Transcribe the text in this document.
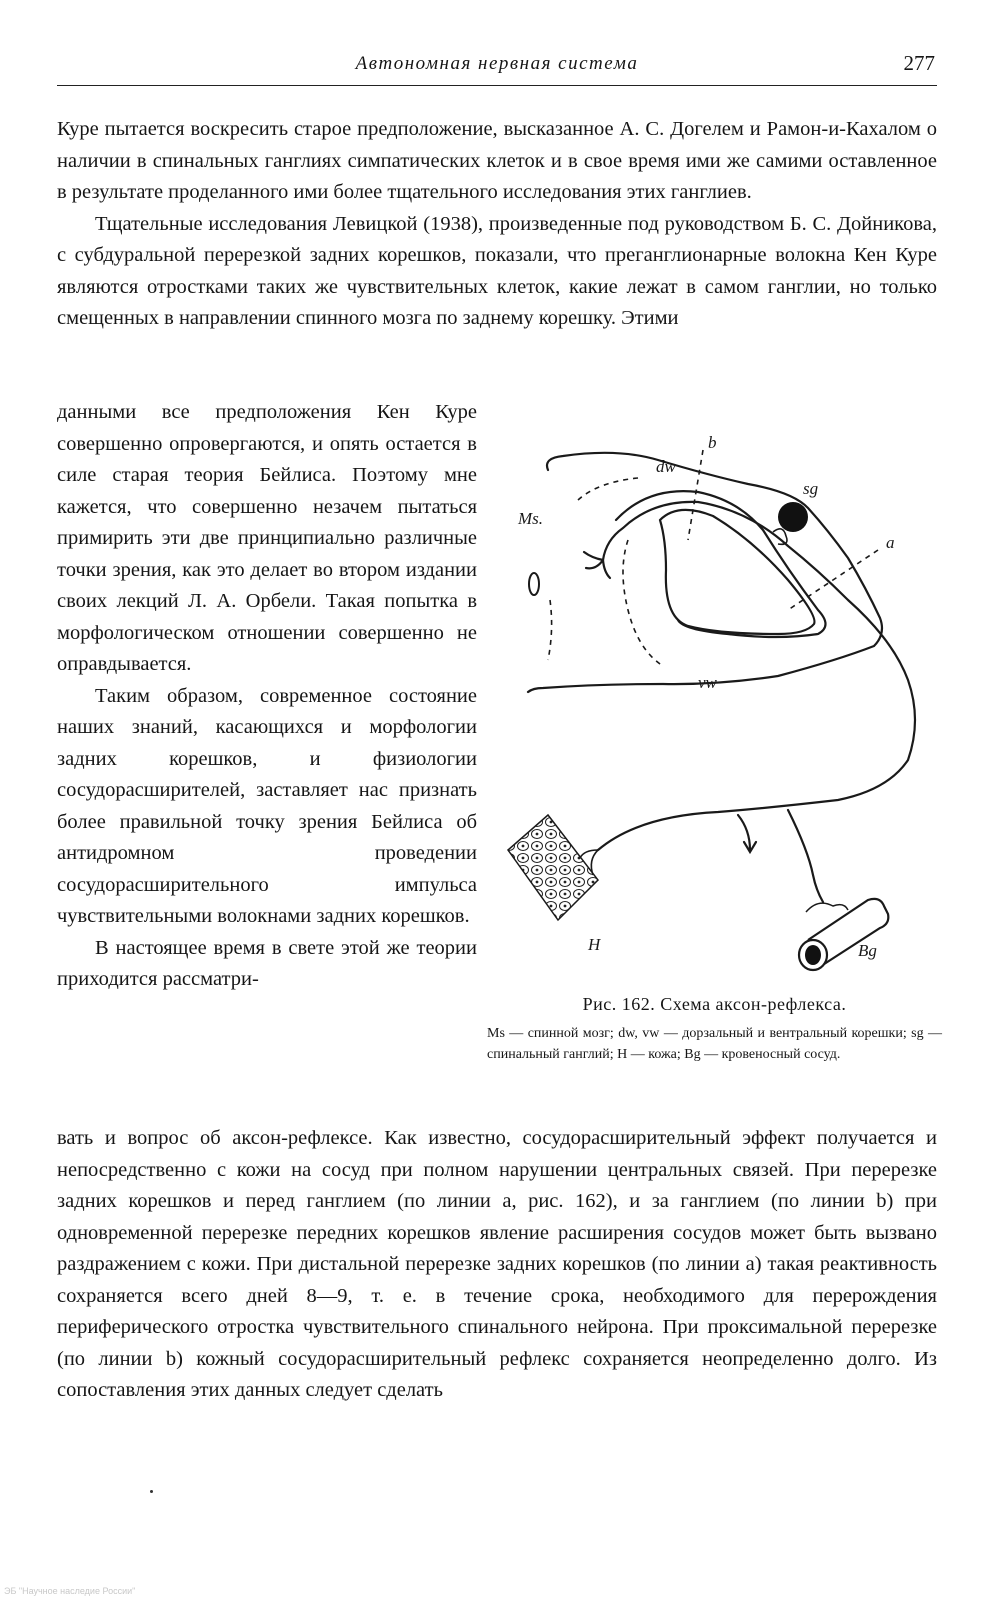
Автономная нервная система	277

Куре пытается воскресить старое предположение, высказанное А. С. Догелем и Рамон-и-Кахалом о наличии в спинальных ганглиях симпатических клеток и в свое время ими же самими оставленное в результате проделанного ими более тщательного исследования этих ганглиев.

Тщательные исследования Левицкой (1938), произведенные под руководством Б. С. Дойникова, с субдуральной перерезкой задних корешков, показали, что преганглионарные волокна Кен Куре являются отростками таких же чувствительных клеток, какие лежат в самом ганглии, но только смещенных в направлении спинного мозга по заднему корешку. Этими

данными все предположения Кен Куре совершенно опровергаются, и опять остается в силе старая теория Бейлиса. Поэтому мне кажется, что совершенно незачем пытаться примирить эти две принципиально различные точки зрения, как это делает во втором издании своих лекций Л. А. Орбели. Такая попытка в морфологическом отношении совершенно не оправдывается.

Таким образом, современное состояние наших знаний, касающихся и морфологии задних корешков, и физиологии сосудорасширителей, заставляет нас признать более правильной точку зрения Бейлиса об антидромном проведении сосудорасширительного импульса чувствительными волокнами задних корешков.

В настоящее время в свете этой же теории приходится рассматри-

вать и вопрос об аксон-рефлексе. Как известно, сосудорасширительный эффект получается и непосредственно с кожи на сосуд при полном нарушении центральных связей. При перерезке задних корешков и перед ганглием (по линии a, рис. 162), и за ганглием (по линии b) при одновременной перерезке передних корешков явление расширения сосудов может быть вызвано раздражением с кожи. При дистальной перерезке задних корешков (по линии a) такая реактивность сохраняется всего дней 8—9, т. е. в течение срока, необходимого для перерождения периферического отростка чувствительного спинального нейрона. При проксимальной перерезке (по линии b) кожный сосудорасширительный рефлекс сохраняется неопределенно долго. Из сопоставления этих данных следует сделать

b
dw
sg
Ms.
a
vw
H	Bg
Рис. 162. Схема аксон-рефлекса.
Ms — спинной мозг; dw, vw — дорзальный и вентральный корешки; sg — спинальный ганглий; H — кожа; Bg — кровеносный сосуд.
ЭБ "Научное наследие России"
